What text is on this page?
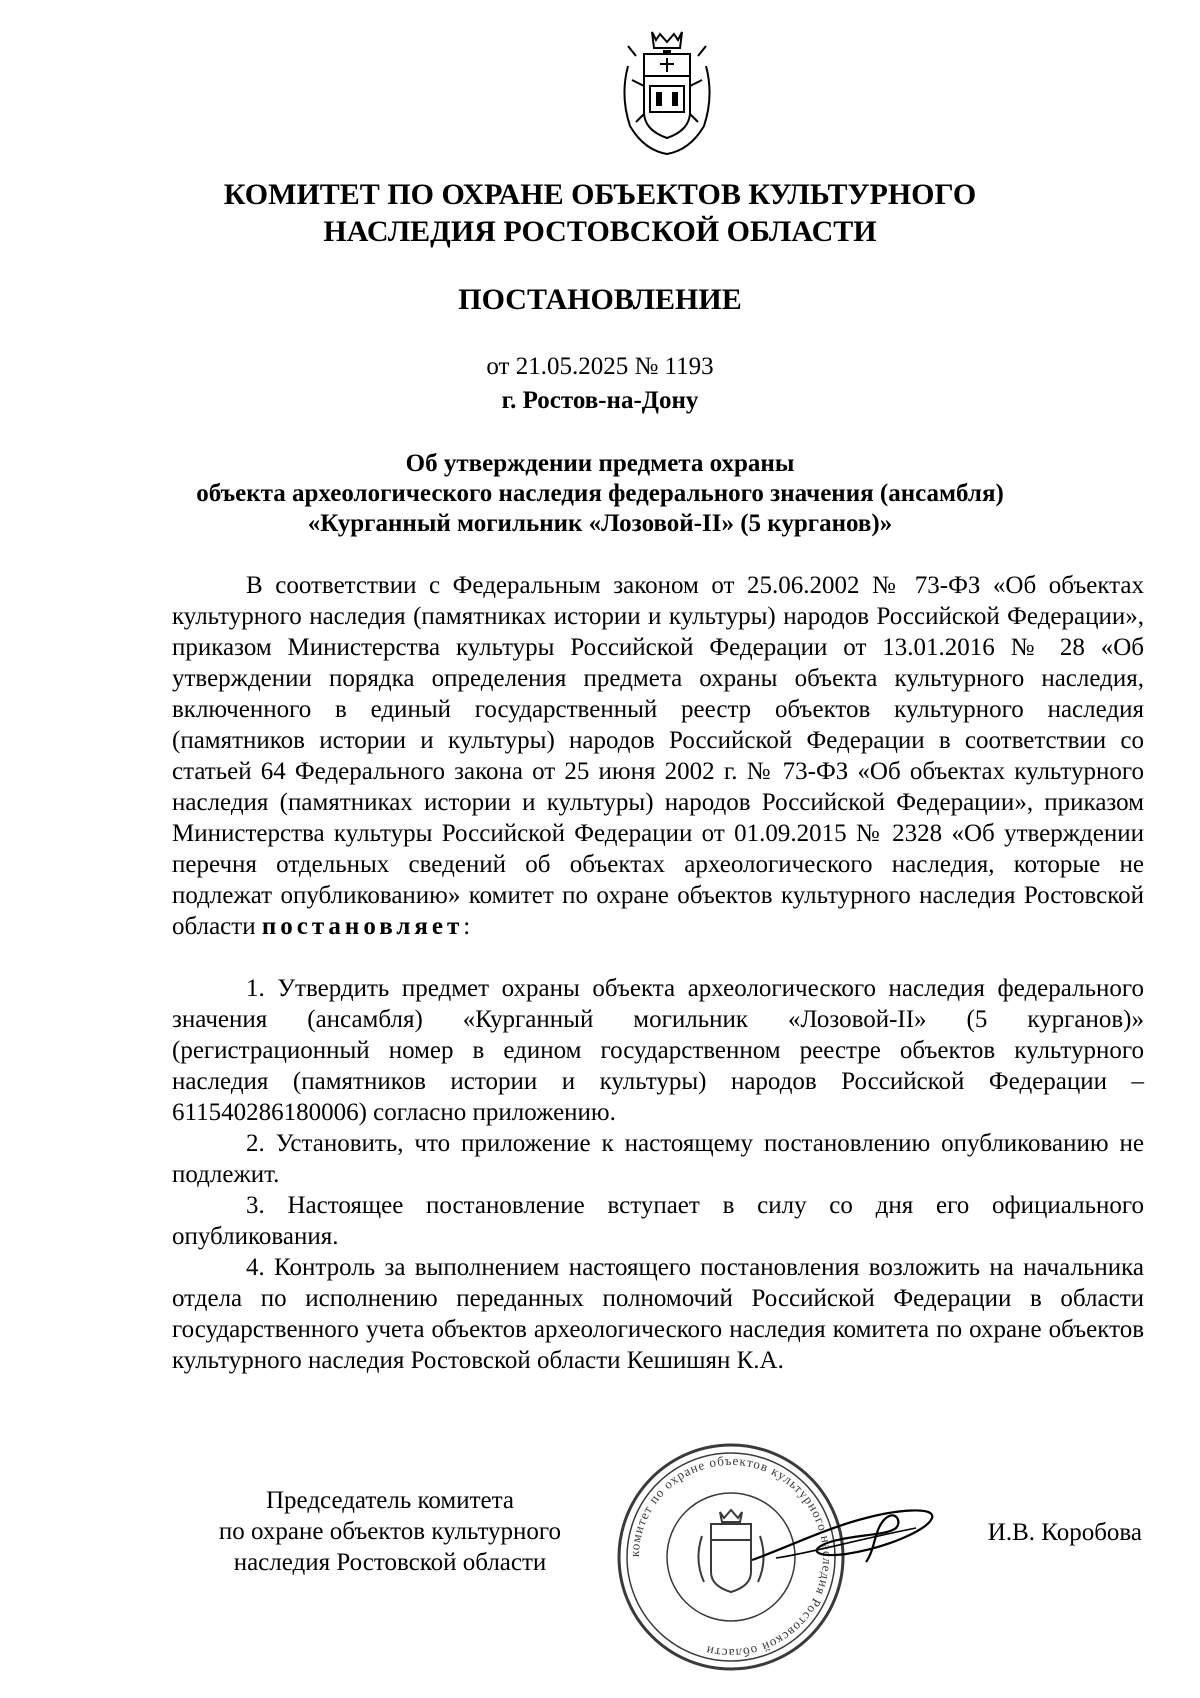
КОМИТЕТ ПО ОХРАНЕ ОБЪЕКТОВ КУЛЬТУРНОГО
НАСЛЕДИЯ РОСТОВСКОЙ ОБЛАСТИ
ПОСТАНОВЛЕНИЕ
от 21.05.2025 № 1193
г. Ростов-на-Дону
Об утверждении предмета охраны
объекта археологического наследия федерального значения (ансамбля)
«Курганный могильник «Лозовой-II» (5 курганов)»

В соответствии с Федеральным законом от 25.06.2002 № 73-ФЗ «Об объектах культурного наследия (памятниках истории и культуры) народов Российской Федерации», приказом Министерства культуры Российской Федерации от 13.01.2016 № 28 «Об утверждении порядка определения предмета охраны объекта культурного наследия, включенного в единый государственный реестр объектов культурного наследия (памятников истории и культуры) народов Российской Федерации в соответствии со статьей 64 Федерального закона от 25 июня 2002 г. № 73-ФЗ «Об объектах культурного наследия (памятниках истории и культуры) народов Российской Федерации», приказом Министерства культуры Российской Федерации от 01.09.2015 № 2328 «Об утверждении перечня отдельных сведений об объектах археологического наследия, которые не подлежат опубликованию» комитет по охране объектов культурного наследия Ростовской области постановляет:

1. Утвердить предмет охраны объекта археологического наследия федерального значения (ансамбля) «Курганный могильник «Лозовой-II» (5 курганов)» (регистрационный номер в едином государственном реестре объектов культурного наследия (памятников истории и культуры) народов Российской Федерации – 611540286180006) согласно приложению.

2. Установить, что приложение к настоящему постановлению опубликованию не подлежит.

3. Настоящее постановление вступает в силу со дня его официального опубликования.

4. Контроль за выполнением настоящего постановления возложить на начальника отдела по исполнению переданных полномочий Российской Федерации в области государственного учета объектов археологического наследия комитета по охране объектов культурного наследия Ростовской области Кешишян К.А.

Председатель комитета
по охране объектов культурного
наследия Ростовской области	комитет по охране объектов культурного наследия Ростовской области
И.В. Коробова
